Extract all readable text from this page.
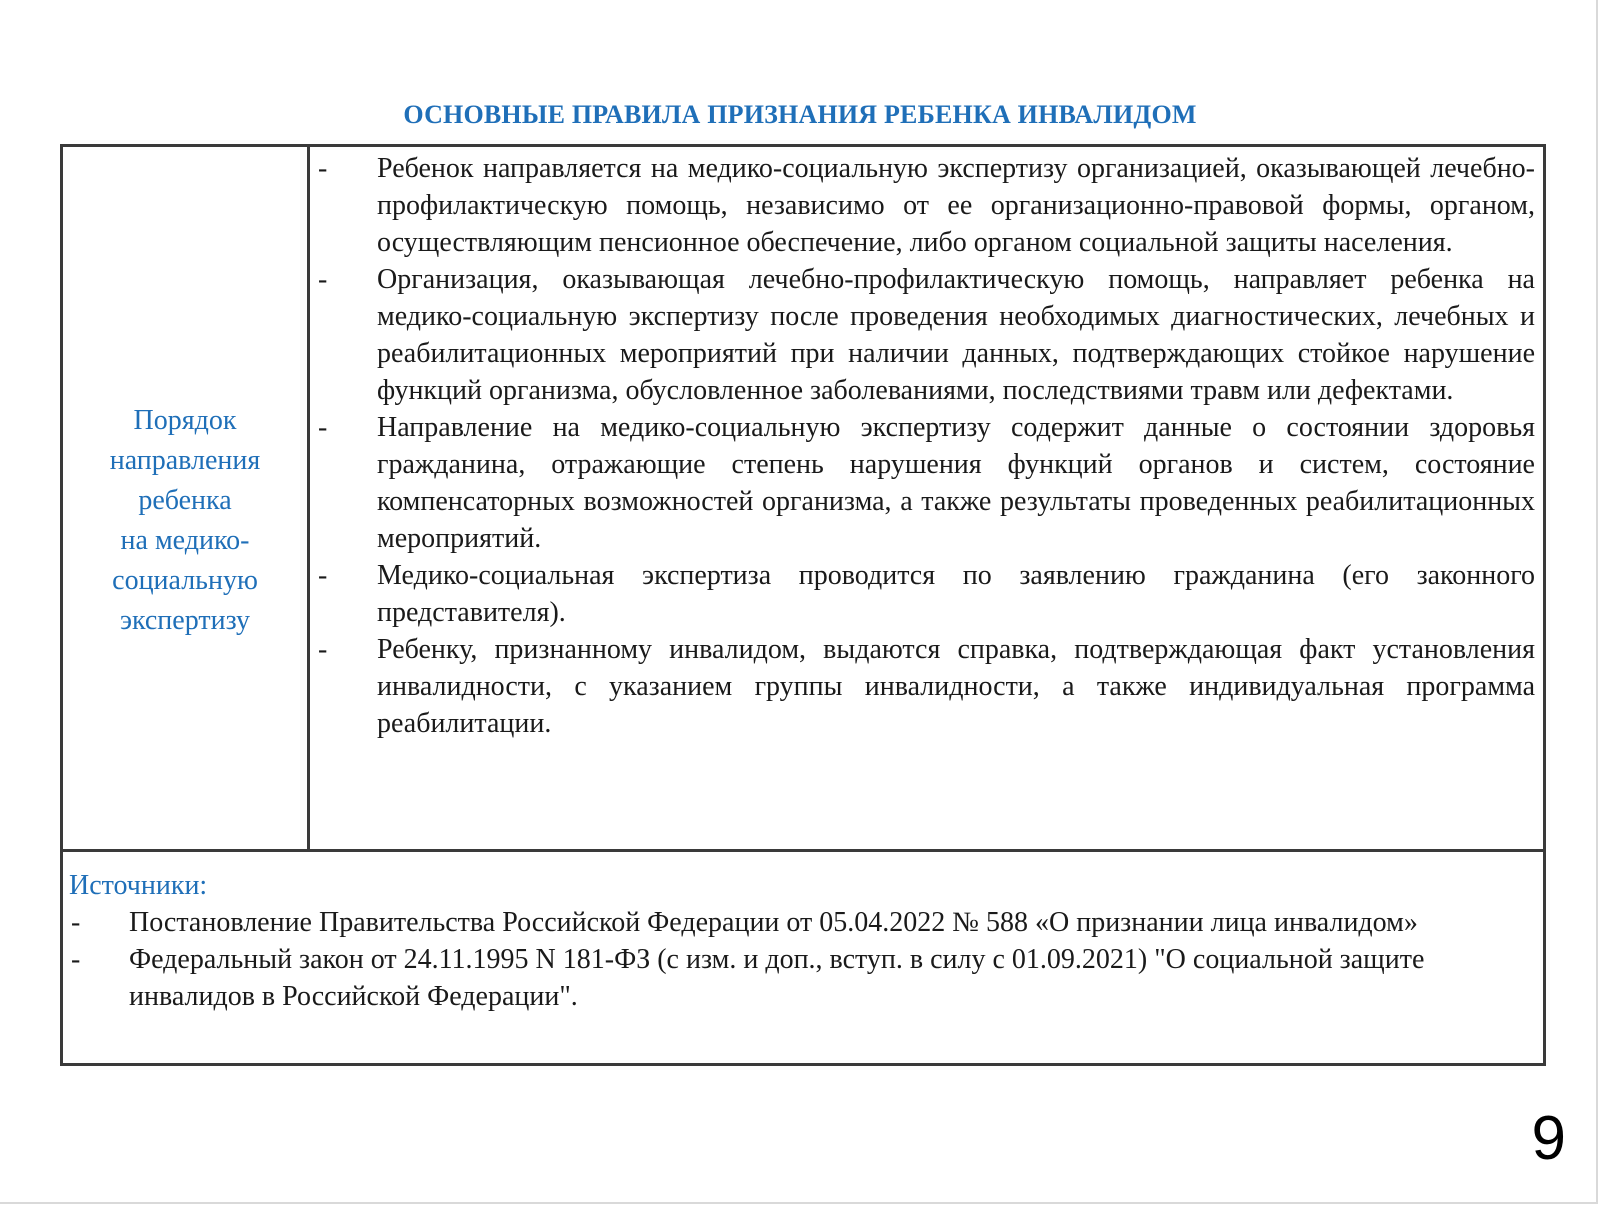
ОСНОВНЫЕ ПРАВИЛА ПРИЗНАНИЯ РЕБЕНКА ИНВАЛИДОМ
Порядок
направления
ребенка
на медико-
социальную
экспертизу
- Ребенок направляется на медико-социальную экспертизу организацией, оказывающей лечебно-профилактическую помощь, независимо от ее организационно-правовой формы, органом, осуществляющим пенсионное обеспечение, либо органом социальной защиты населения.
- Организация, оказывающая лечебно-профилактическую помощь, направляет ребенка на медико-социальную экспертизу после проведения необходимых диагностических, лечебных и реабилитационных мероприятий при наличии данных, подтверждающих стойкое нарушение функций организма, обусловленное заболеваниями, последствиями травм или дефектами.
- Направление на медико-социальную экспертизу содержит данные о состоянии здоровья гражданина, отражающие степень нарушения функций органов и систем, состояние компенсаторных возможностей организма, а также результаты проведенных реабилитационных мероприятий.
- Медико-социальная экспертиза проводится по заявлению гражданина (его законного представителя).
- Ребенку, признанному инвалидом, выдаются справка, подтверждающая факт установления инвалидности, с указанием группы инвалидности, а также индивидуальная программа реабилитации.
Источники:
- Постановление Правительства Российской Федерации от 05.04.2022 № 588 «О признании лица инвалидом»
- Федеральный закон от 24.11.1995 N 181-ФЗ (с изм. и доп., вступ. в силу с 01.09.2021) "О социальной защите инвалидов в Российской Федерации".
9
